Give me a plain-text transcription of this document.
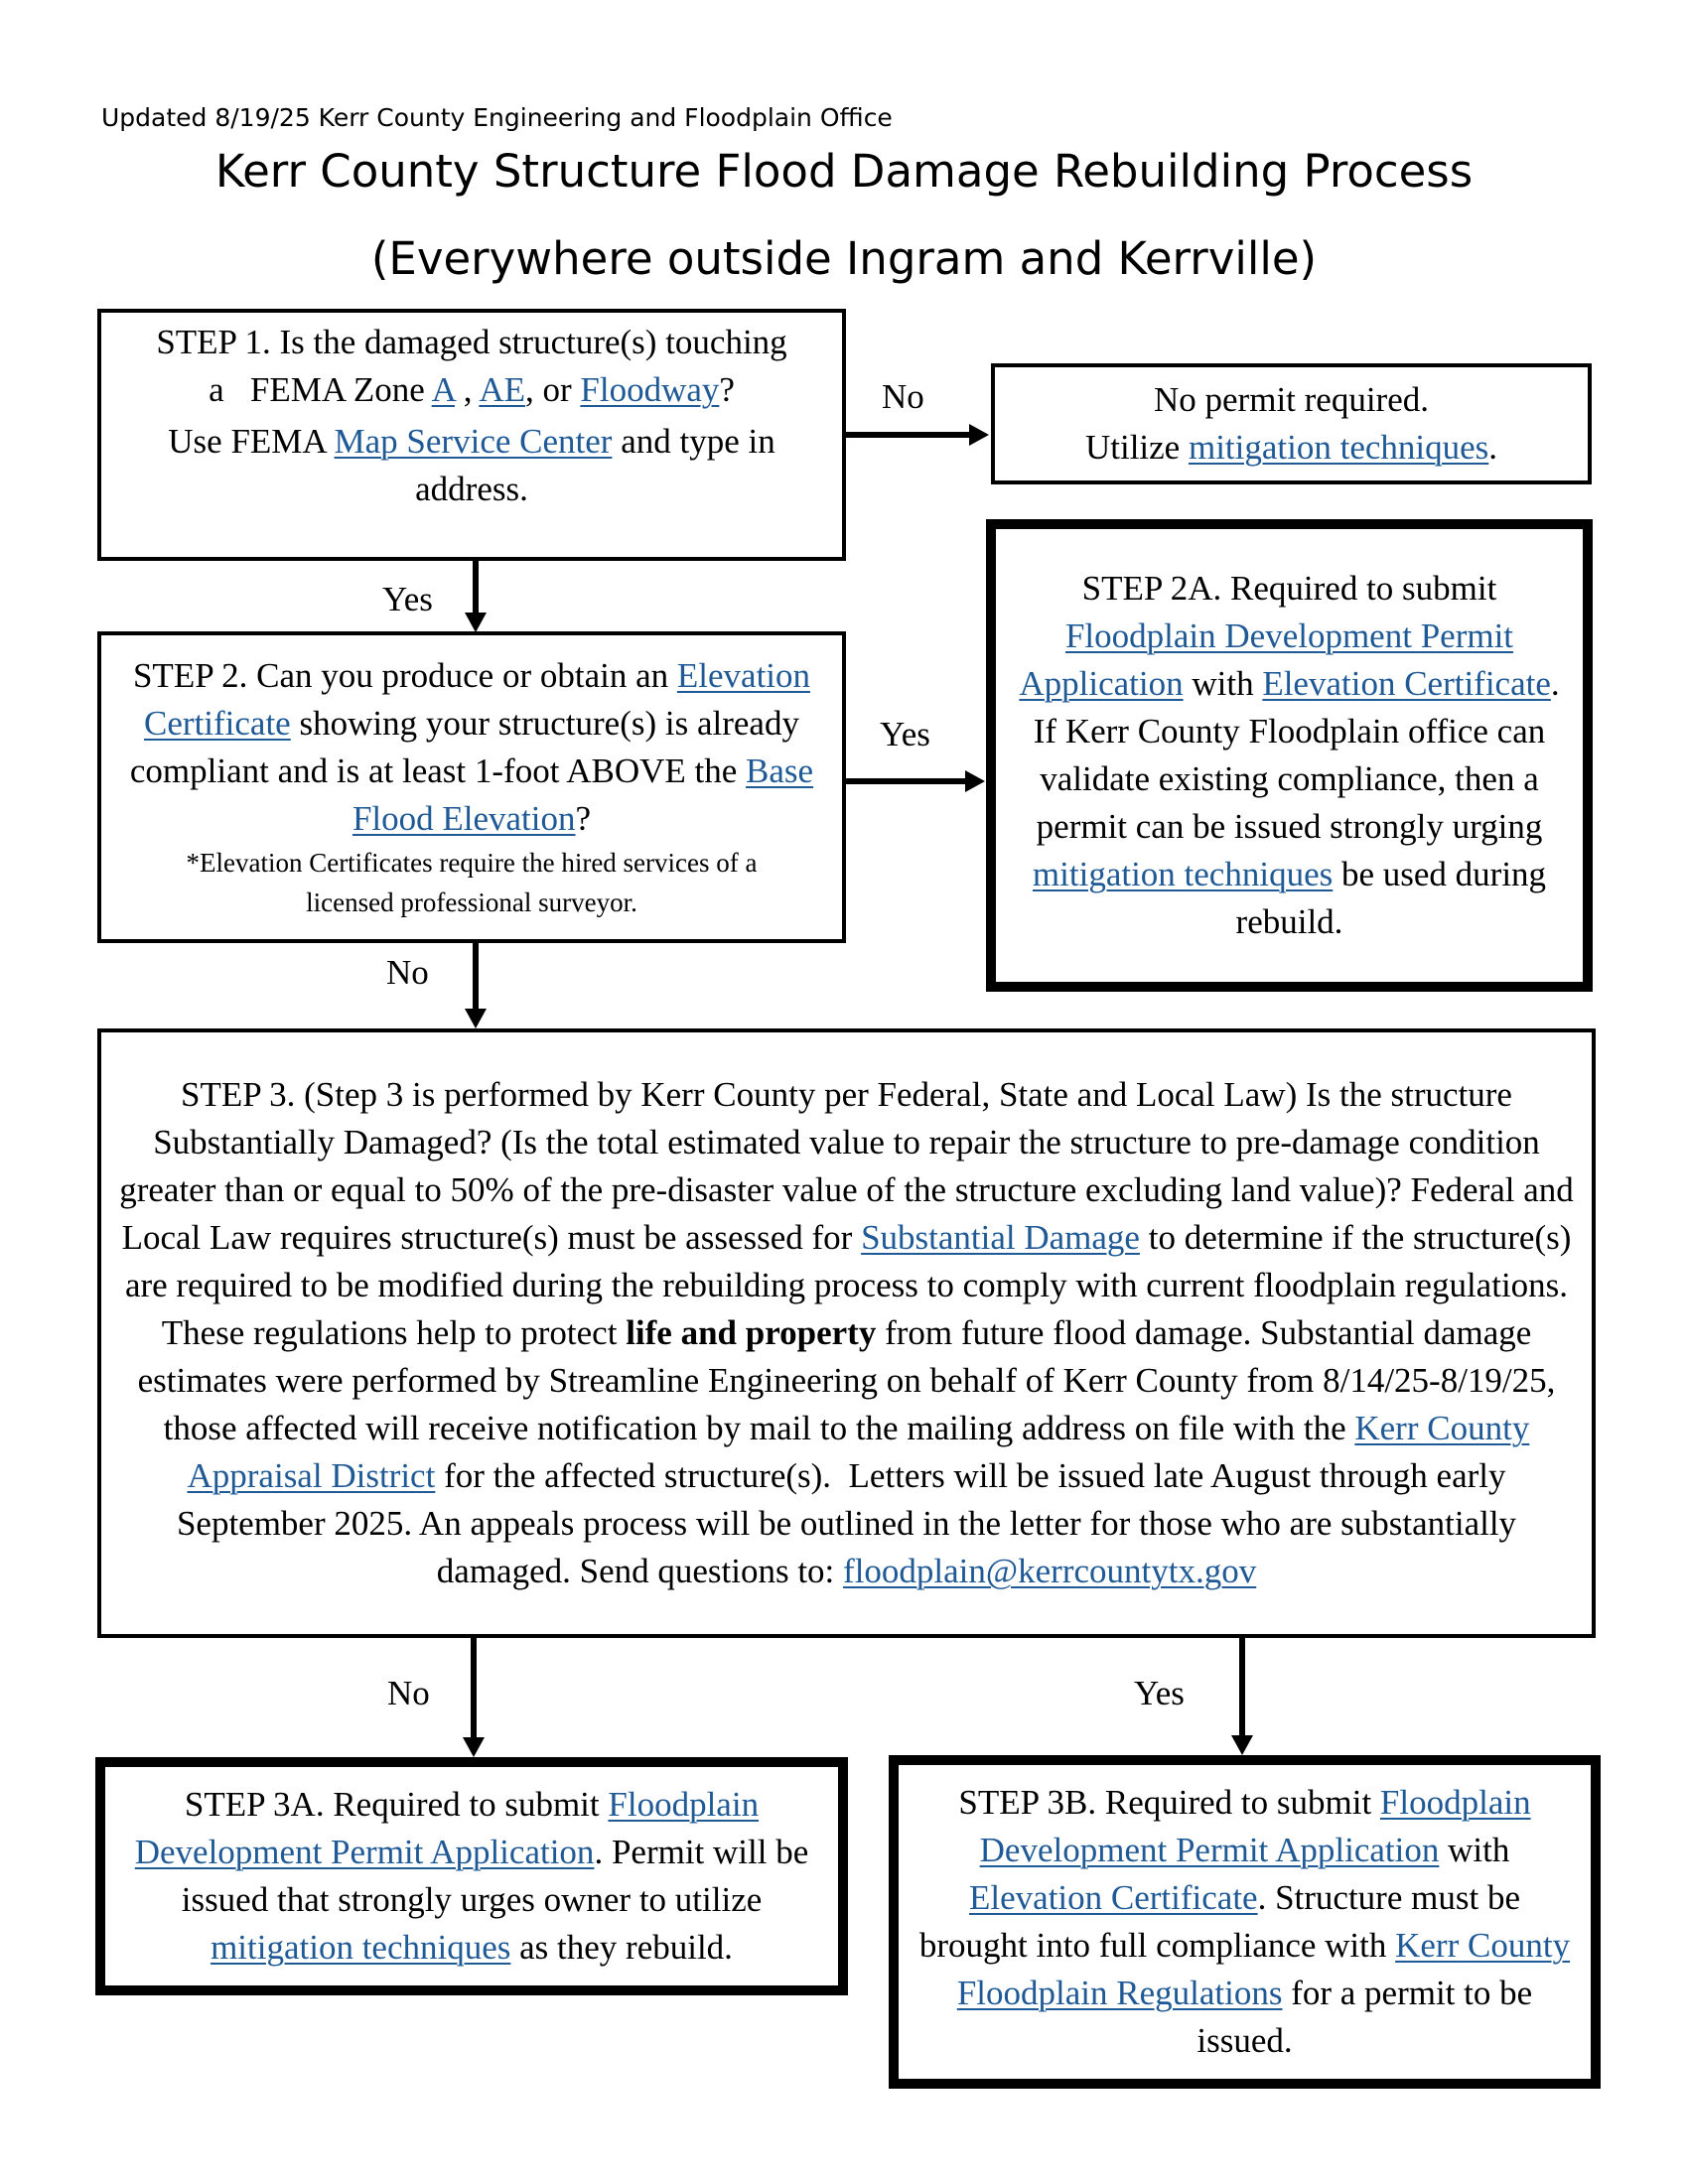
Updated 8/19/25 Kerr County Engineering and Floodplain Office
Kerr County Structure Flood Damage Rebuilding Process
(Everywhere outside Ingram and Kerrville)

STEP 1. Is the damaged structure(s) touching
a   FEMA Zone A , AE, or Floodway?

Use FEMA Map Service Center and type in address.

No	No permit required.
Utilize mitigation techniques.

Yes

STEP 2. Can you produce or obtain an Elevation Certificate showing your structure(s) is already compliant and is at least 1-foot ABOVE the Base Flood Elevation?

*Elevation Certificates require the hired services of a licensed professional surveyor.

Yes

STEP 2A. Required to submit Floodplain Development Permit Application with Elevation Certificate. If Kerr County Floodplain office can validate existing compliance, then a permit can be issued strongly urging mitigation techniques be used during rebuild.

No

STEP 3. (Step 3 is performed by Kerr County per Federal, State and Local Law) Is the structure Substantially Damaged? (Is the total estimated value to repair the structure to pre-damage condition greater than or equal to 50% of the pre-disaster value of the structure excluding land value)? Federal and Local Law requires structure(s) must be assessed for Substantial Damage to determine if the structure(s) are required to be modified during the rebuilding process to comply with current floodplain regulations. These regulations help to protect life and property from future flood damage. Substantial damage estimates were performed by Streamline Engineering on behalf of Kerr County from 8/14/25-8/19/25, those affected will receive notification by mail to the mailing address on file with the Kerr County Appraisal District for the affected structure(s).  Letters will be issued late August through early September 2025. An appeals process will be outlined in the letter for those who are substantially damaged. Send questions to: floodplain@kerrcountytx.gov

No	Yes

STEP 3A. Required to submit Floodplain Development Permit Application. Permit will be issued that strongly urges owner to utilize mitigation techniques as they rebuild.

STEP 3B. Required to submit Floodplain Development Permit Application with Elevation Certificate. Structure must be brought into full compliance with Kerr County Floodplain Regulations for a permit to be issued.
